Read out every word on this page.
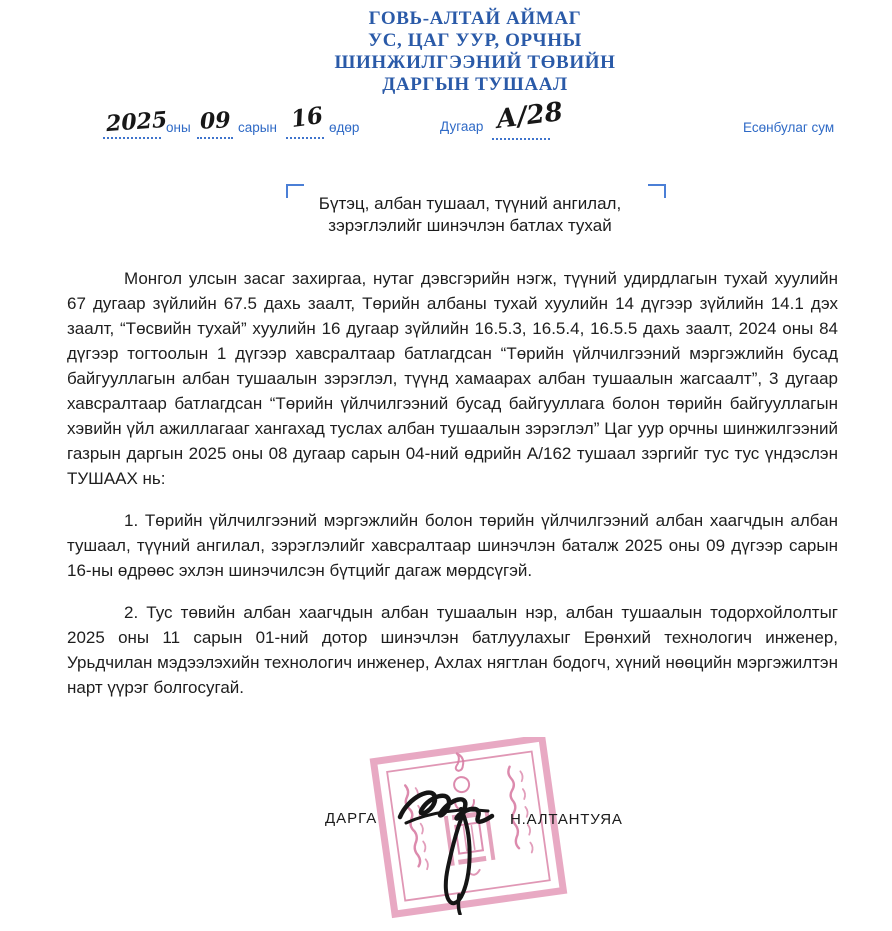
ГОВЬ-АЛТАЙ АЙМАГ
УС, ЦАГ УУР, ОРЧНЫ
ШИНЖИЛГЭЭНИЙ ТӨВИЙН
ДАРГЫН ТУШААЛ
2025
оны 09 сарын 16 өдөр	Дугаар А/28	Есөнбулаг сум
Бүтэц, албан тушаал, түүний ангилал,
зэрэглэлийг шинэчлэн батлах тухай

Монгол улсын засаг захиргаа, нутаг дэвсгэрийн нэгж, түүний удирдлагын тухай хуулийн 67 дугаар зүйлийн 67.5 дахь заалт, Төрийн албаны тухай хуулийн 14 дүгээр зүйлийн 14.1 дэх заалт, “Төсвийн тухай” хуулийн 16 дугаар зүйлийн 16.5.3, 16.5.4, 16.5.5 дахь заалт, 2024 оны 84 дүгээр тогтоолын 1 дүгээр хавсралтаар батлагдсан “Төрийн үйлчилгээний мэргэжлийн бусад байгууллагын албан тушаалын зэрэглэл, түүнд хамаарах албан тушаалын жагсаалт”, 3 дугаар хавсралтаар батлагдсан “Төрийн үйлчилгээний бусад байгууллага болон төрийн байгууллагын хэвийн үйл ажиллагааг хангахад туслах албан тушаалын зэрэглэл” Цаг уур орчны шинжилгээний газрын даргын 2025 оны 08 дугаар сарын 04-ний өдрийн А/162 тушаал зэргийг тус тус үндэслэн ТУШААХ нь:

1. Төрийн үйлчилгээний мэргэжлийн болон төрийн үйлчилгээний албан хаагчдын албан тушаал, түүний ангилал, зэрэглэлийг хавсралтаар шинэчлэн баталж 2025 оны 09 дүгээр сарын 16-ны өдрөөс эхлэн шинэчилсэн бүтцийг дагаж мөрдсүгэй.

2. Тус төвийн албан хаагчдын албан тушаалын нэр, албан тушаалын тодорхойлолтыг 2025 оны 11 сарын 01-ний дотор шинэчлэн батлуулахыг Ерөнхий технологич инженер, Урьдчилан мэдээлэхийн технологич инженер, Ахлах нягтлан бодогч, хүний нөөцийн мэргэжилтэн нарт үүрэг болгосугай.

ДАРГА	Н.АЛТАНТУЯА
